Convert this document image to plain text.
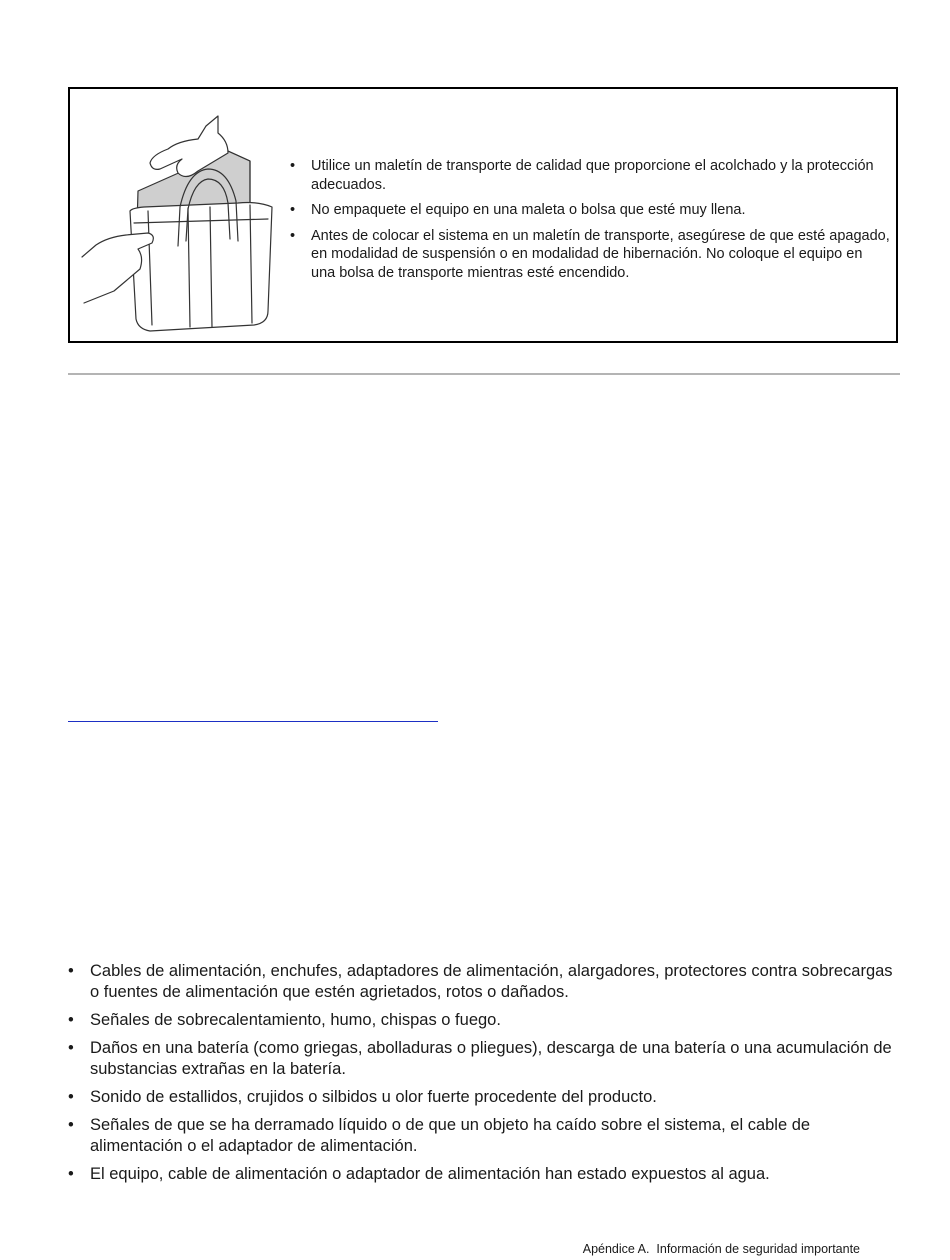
• Utilice un maletín de transporte de calidad que proporcione el acolchado y la protección adecuados.
• No empaquete el equipo en una maleta o bolsa que esté muy llena.
• Antes de colocar el sistema en un maletín de transporte, asegúrese de que esté apagado, en modalidad de suspensión o en modalidad de hibernación. No coloque el equipo en una bolsa de transporte mientras esté encendido.
• Cables de alimentación, enchufes, adaptadores de alimentación, alargadores, protectores contra sobrecargas o fuentes de alimentación que estén agrietados, rotos o dañados.
• Señales de sobrecalentamiento, humo, chispas o fuego.
• Daños en una batería (como griegas, abolladuras o pliegues), descarga de una batería o una acumulación de substancias extrañas en la batería.
• Sonido de estallidos, crujidos o silbidos u olor fuerte procedente del producto.
• Señales de que se ha derramado líquido o de que un objeto ha caído sobre el sistema, el cable de alimentación o el adaptador de alimentación.
• El equipo, cable de alimentación o adaptador de alimentación han estado expuestos al agua.
Apéndice A. Información de seguridad importante
